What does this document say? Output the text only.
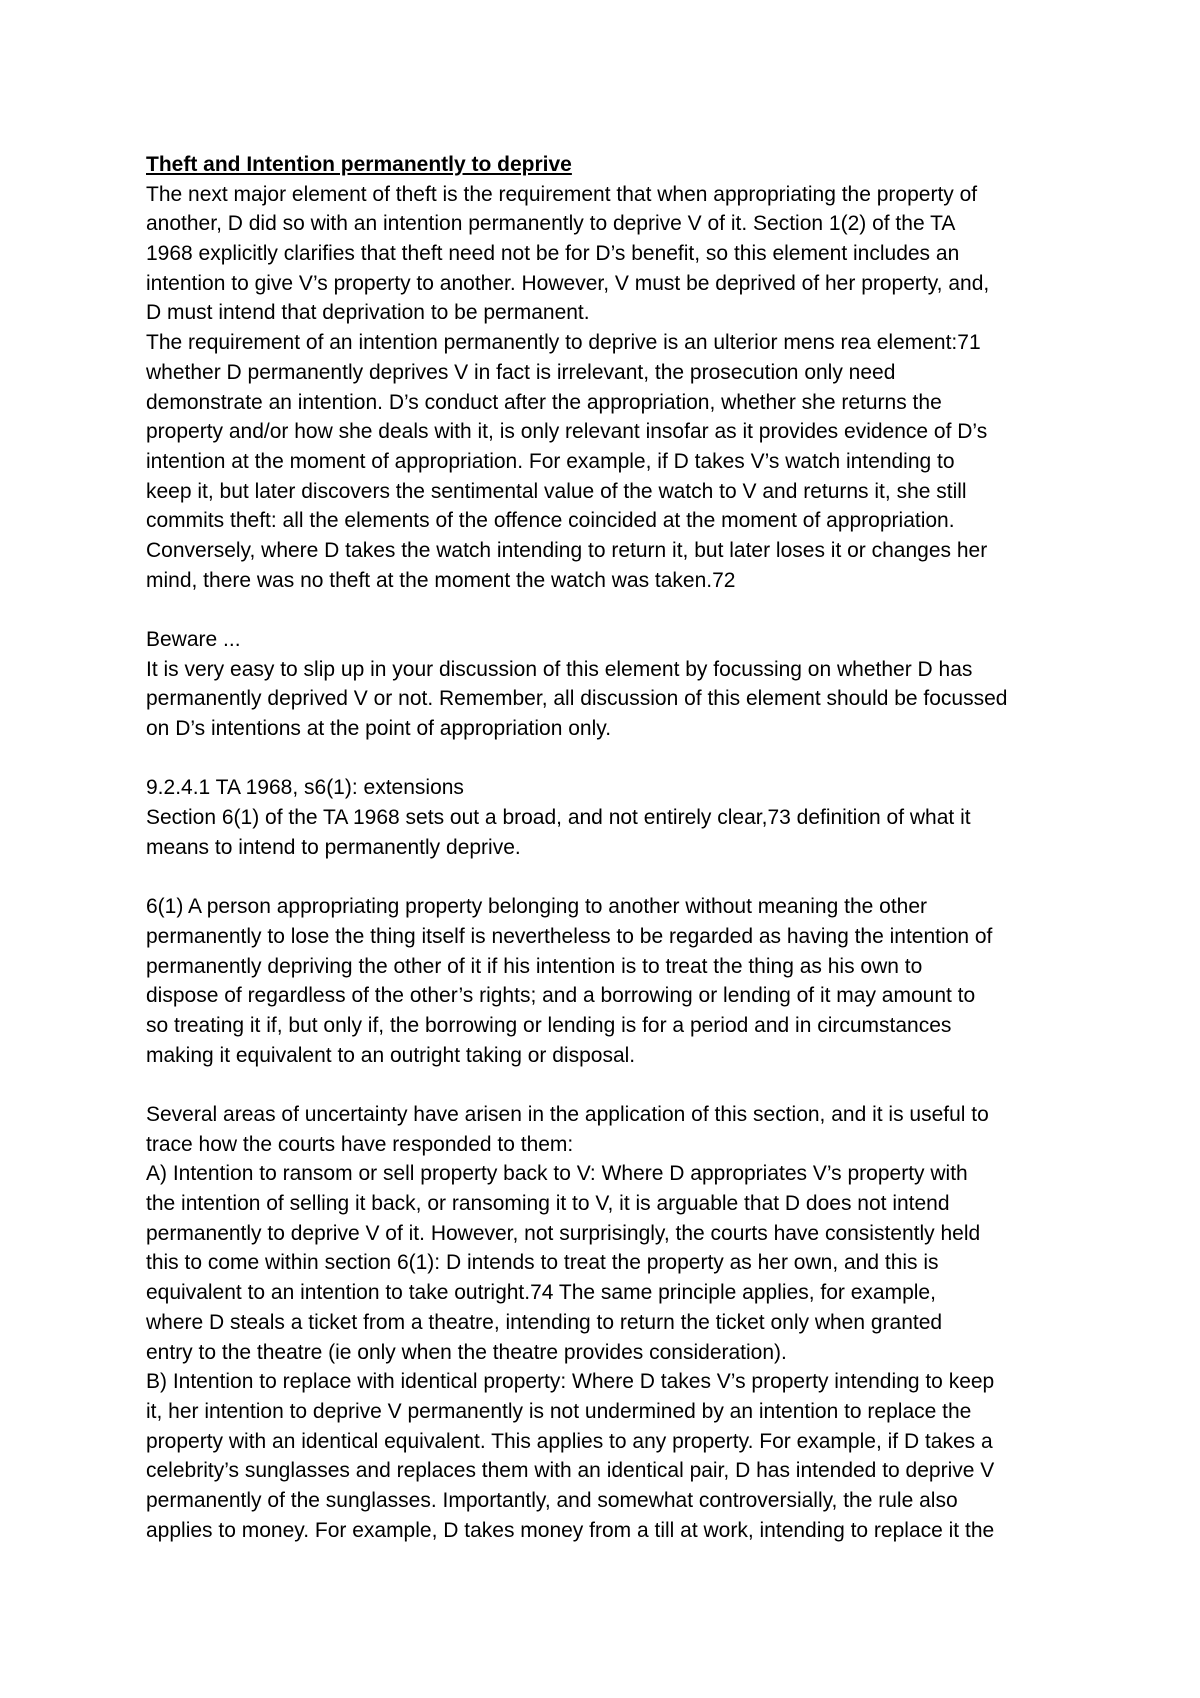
Theft and Intention permanently to deprive
The next major element of theft is the requirement that when appropriating the property of
another, D did so with an intention permanently to deprive V of it. Section 1(2) of the TA
1968 explicitly clarifies that theft need not be for D’s benefit, so this element includes an
intention to give V’s property to another. However, V must be deprived of her property, and,
D must intend that deprivation to be permanent.
The requirement of an intention permanently to deprive is an ulterior mens rea element:71
whether D permanently deprives V in fact is irrelevant, the prosecution only need
demonstrate an intention. D’s conduct after the appropriation, whether she returns the
property and/or how she deals with it, is only relevant insofar as it provides evidence of D’s
intention at the moment of appropriation. For example, if D takes V’s watch intending to
keep it, but later discovers the sentimental value of the watch to V and returns it, she still
commits theft: all the elements of the offence coincided at the moment of appropriation.
Conversely, where D takes the watch intending to return it, but later loses it or changes her
mind, there was no theft at the moment the watch was taken.72
Beware ...
It is very easy to slip up in your discussion of this element by focussing on whether D has
permanently deprived V or not. Remember, all discussion of this element should be focussed
on D’s intentions at the point of appropriation only.
9.2.4.1 TA 1968, s6(1): extensions
Section 6(1) of the TA 1968 sets out a broad, and not entirely clear,73 definition of what it
means to intend to permanently deprive.
6(1) A person appropriating property belonging to another without meaning the other
permanently to lose the thing itself is nevertheless to be regarded as having the intention of
permanently depriving the other of it if his intention is to treat the thing as his own to
dispose of regardless of the other’s rights; and a borrowing or lending of it may amount to
so treating it if, but only if, the borrowing or lending is for a period and in circumstances
making it equivalent to an outright taking or disposal.
Several areas of uncertainty have arisen in the application of this section, and it is useful to
trace how the courts have responded to them:
A) Intention to ransom or sell property back to V: Where D appropriates V’s property with
the intention of selling it back, or ransoming it to V, it is arguable that D does not intend
permanently to deprive V of it. However, not surprisingly, the courts have consistently held
this to come within section 6(1): D intends to treat the property as her own, and this is
equivalent to an intention to take outright.74 The same principle applies, for example,
where D steals a ticket from a theatre, intending to return the ticket only when granted
entry to the theatre (ie only when the theatre provides consideration).
B) Intention to replace with identical property: Where D takes V’s property intending to keep
it, her intention to deprive V permanently is not undermined by an intention to replace the
property with an identical equivalent. This applies to any property. For example, if D takes a
celebrity’s sunglasses and replaces them with an identical pair, D has intended to deprive V
permanently of the sunglasses. Importantly, and somewhat controversially, the rule also
applies to money. For example, D takes money from a till at work, intending to replace it the
